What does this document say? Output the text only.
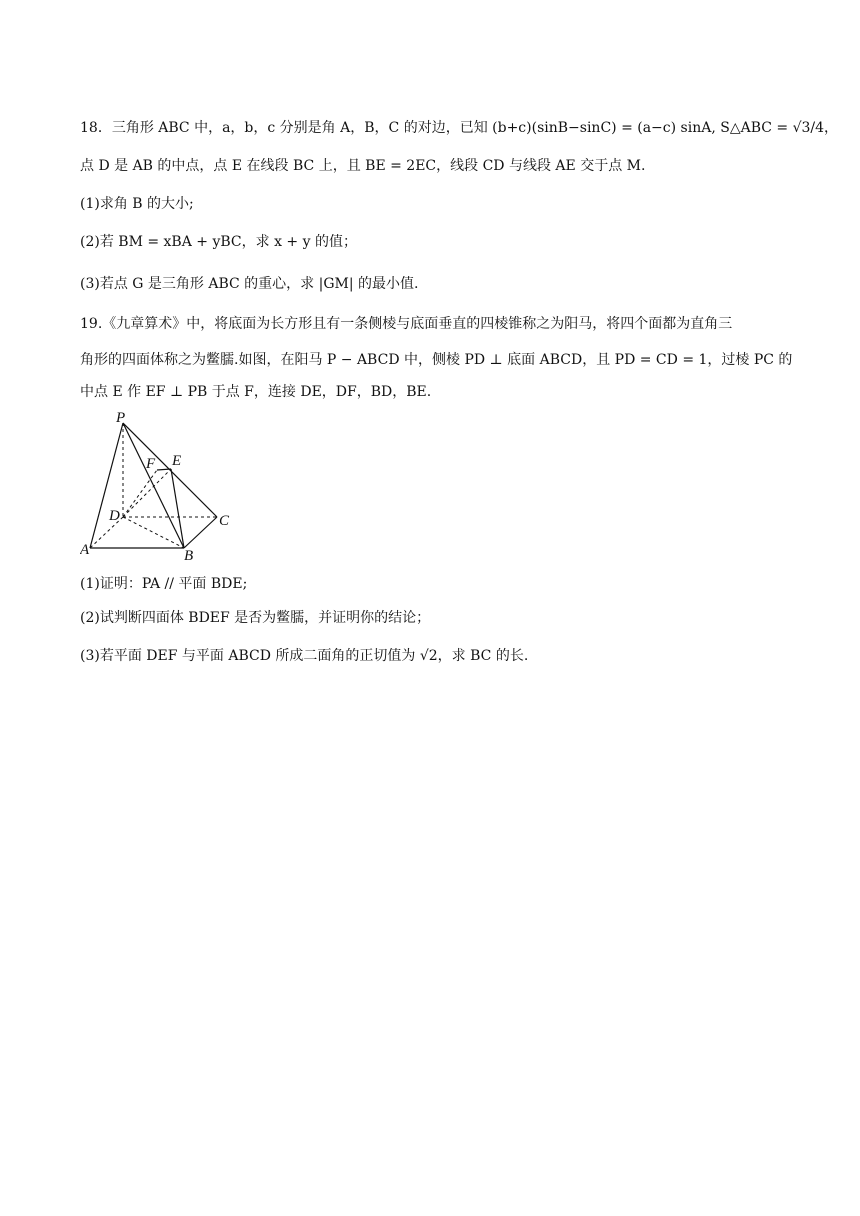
18．三角形 ABC 中，a，b，c 分别是角 A，B，C 的对边，已知 (b+c)(sinB−sinC) = (a−c) sinA, S△ABC = √3/4，
点 D 是 AB 的中点，点 E 在线段 BC 上，且 BE = 2EC，线段 CD 与线段 AE 交于点 M.
(1)求角 B 的大小;
(2)若 BM = xBA + yBC，求 x + y 的值；
(3)若点 G 是三角形 ABC 的重心，求 |GM| 的最小值.
19.《九章算术》中，将底面为长方形且有一条侧棱与底面垂直的四棱锥称之为阳马，将四个面都为直角三
角形的四面体称之为鳖臑.如图，在阳马 P − ABCD 中，侧棱 PD ⊥ 底面 ABCD，且 PD = CD = 1，过棱 PC 的
中点 E 作 EF ⊥ PB 于点 F，连接 DE，DF，BD，BE.
P
F E
D	C
A	B
(1)证明：PA // 平面 BDE;
(2)试判断四面体 BDEF 是否为鳖臑，并证明你的结论；
(3)若平面 DEF 与平面 ABCD 所成二面角的正切值为 √2，求 BC 的长.
